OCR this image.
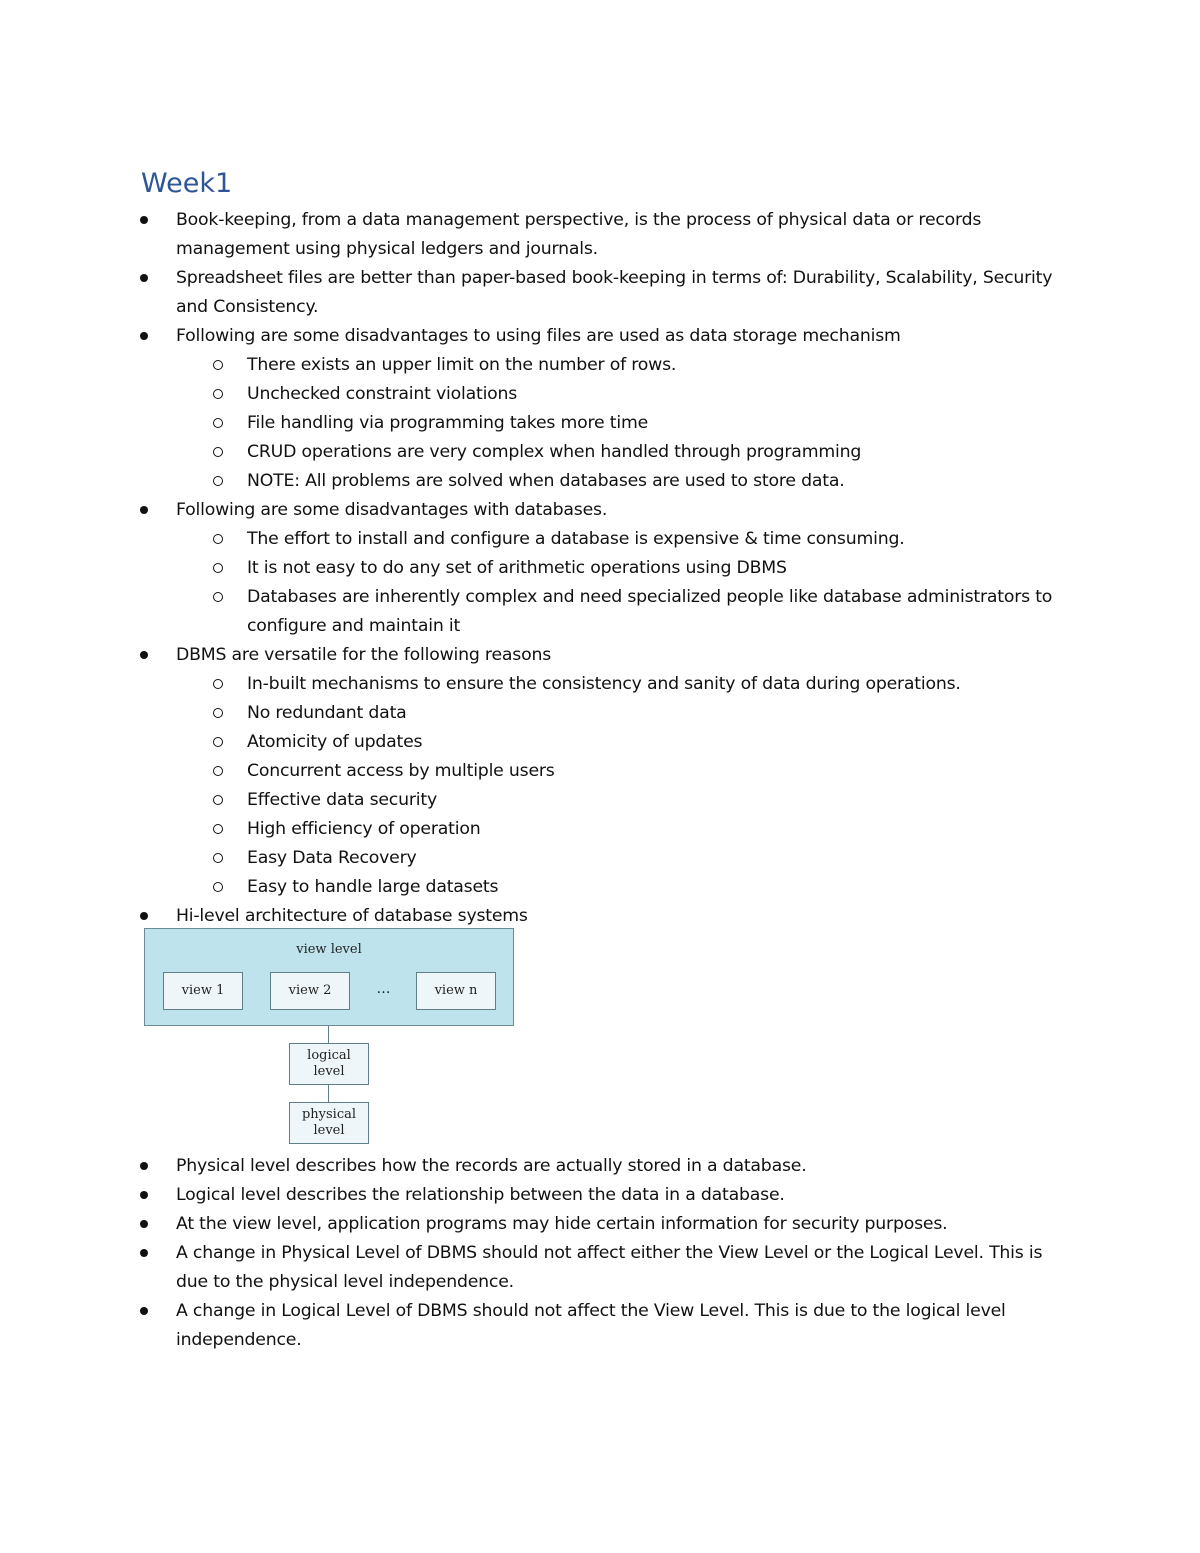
Week1
Book-keeping, from a data management perspective, is the process of physical data or records management using physical ledgers and journals.
Spreadsheet files are better than paper-based book-keeping in terms of: Durability, Scalability, Security and Consistency.
Following are some disadvantages to using files are used as data storage mechanism
There exists an upper limit on the number of rows.
Unchecked constraint violations
File handling via programming takes more time
CRUD operations are very complex when handled through programming
NOTE: All problems are solved when databases are used to store data.
Following are some disadvantages with databases.
The effort to install and configure a database is expensive & time consuming.
It is not easy to do any set of arithmetic operations using DBMS
Databases are inherently complex and need specialized people like database administrators to configure and maintain it
DBMS are versatile for the following reasons
In-built mechanisms to ensure the consistency and sanity of data during operations.
No redundant data
Atomicity of updates
Concurrent access by multiple users
Effective data security
High efficiency of operation
Easy Data Recovery
Easy to handle large datasets
Hi-level architecture of database systems
view level
view 1	view 2	…	view n
logical
level
physical
level
Physical level describes how the records are actually stored in a database.
Logical level describes the relationship between the data in a database.
At the view level, application programs may hide certain information for security purposes.
A change in Physical Level of DBMS should not affect either the View Level or the Logical Level. This is due to the physical level independence.
A change in Logical Level of DBMS should not affect the View Level. This is due to the logical level independence.
